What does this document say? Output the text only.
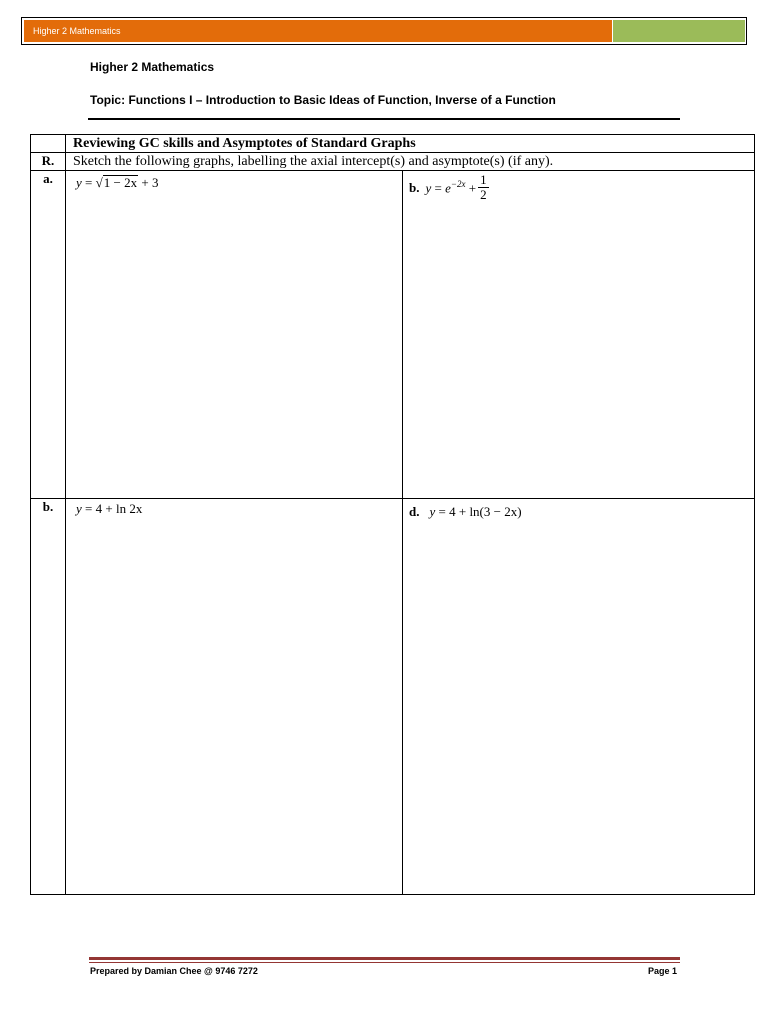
Higher 2 Mathematics
Higher 2 Mathematics
Topic: Functions I – Introduction to Basic Ideas of Function, Inverse of a Function
	Reviewing GC skills and Asymptotes of Standard Graphs	
R.	Sketch the following graphs, labelling the axial intercept(s) and asymptote(s) (if any).	
a.	y = √1 − 2x + 3	b. $y = e^{-2x} + \frac{1}{2}$

b.	y = 4 + ln 2x	d. y = 4 + ln(3 − 2x)
Prepared by Damian Chee @ 9746 7272	Page 1
